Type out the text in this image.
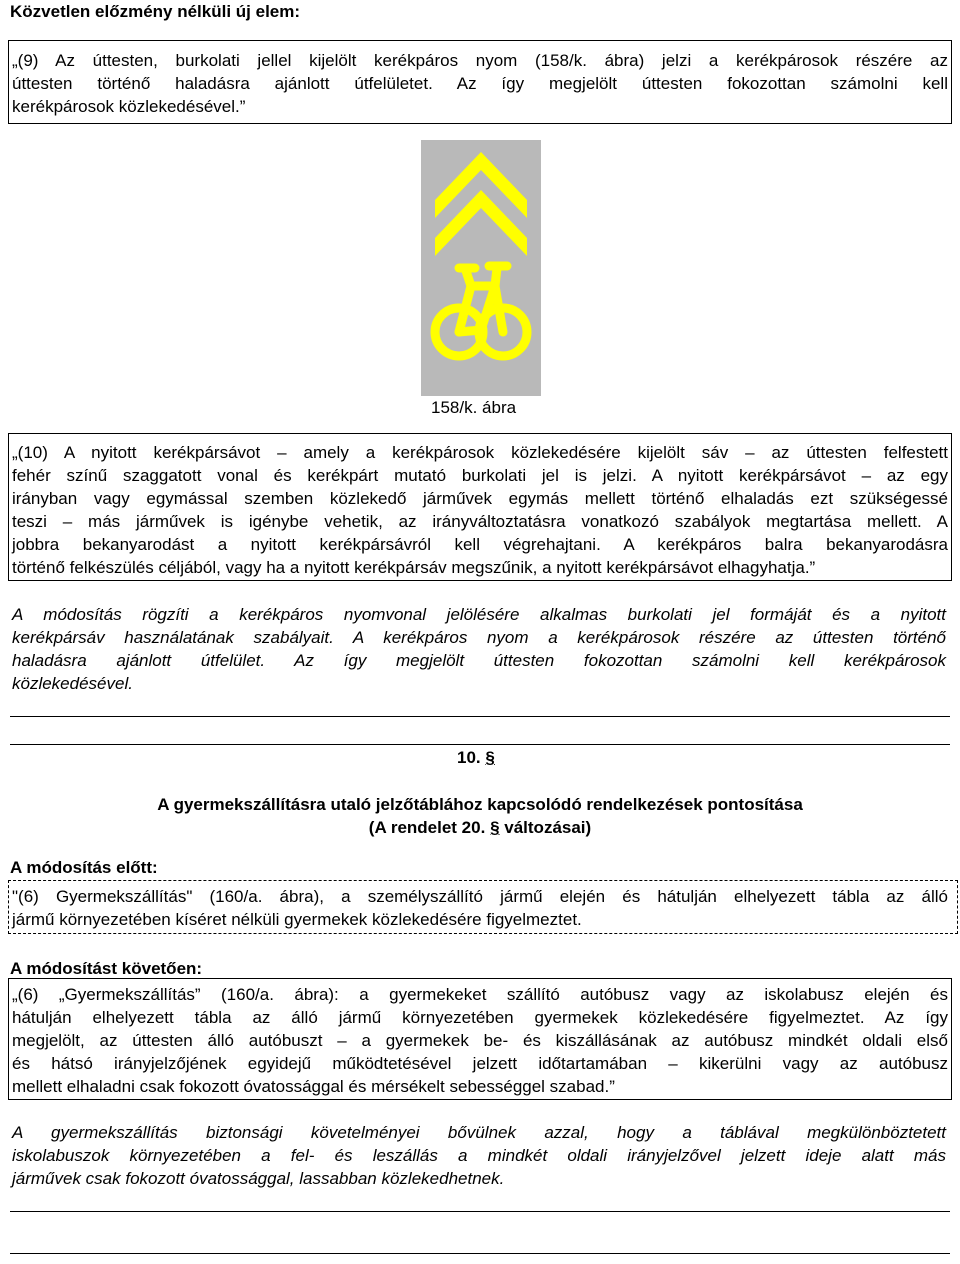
Közvetlen előzmény nélküli új elem:
„(9) Az úttesten, burkolati jellel kijelölt kerékpáros nyom (158/k. ábra) jelzi a kerékpárosok részére az
úttesten történő haladásra ajánlott útfelületet. Az így megjelölt úttesten fokozottan számolni kell
kerékpárosok közlekedésével.”
158/k. ábra
„(10) A nyitott kerékpársávot – amely a kerékpárosok közlekedésére kijelölt sáv – az úttesten felfestett
fehér színű szaggatott vonal és kerékpárt mutató burkolati jel is jelzi. A nyitott kerékpársávot – az egy
irányban vagy egymással szemben közlekedő járművek egymás mellett történő elhaladás ezt szükségessé
teszi – más járművek is igénybe vehetik, az irányváltoztatásra vonatkozó szabályok megtartása mellett. A
jobbra bekanyarodást a nyitott kerékpársávról kell végrehajtani. A kerékpáros balra bekanyarodásra
történő felkészülés céljából, vagy ha a nyitott kerékpársáv megszűnik, a nyitott kerékpársávot elhagyhatja.”
A módosítás rögzíti a kerékpáros nyomvonal jelölésére alkalmas burkolati jel formáját és a nyitott
kerékpársáv használatának szabályait. A kerékpáros nyom a kerékpárosok részére az úttesten történő
haladásra ajánlott útfelület. Az így megjelölt úttesten fokozottan számolni kell kerékpárosok
közlekedésével.
10. §
A gyermekszállításra utaló jelzőtáblához kapcsolódó rendelkezések pontosítása
(A rendelet 20. § változásai)
A módosítás előtt:
"(6) Gyermekszállítás" (160/a. ábra), a személyszállító jármű elején és hátulján elhelyezett tábla az álló
jármű környezetében kíséret nélküli gyermekek közlekedésére figyelmeztet.
A módosítást követően:
„(6) „Gyermekszállítás” (160/a. ábra): a gyermekeket szállító autóbusz vagy az iskolabusz elején és
hátulján elhelyezett tábla az álló jármű környezetében gyermekek közlekedésére figyelmeztet. Az így
megjelölt, az úttesten álló autóbuszt – a gyermekek be- és kiszállásának az autóbusz mindkét oldali első
és hátsó irányjelzőjének egyidejű működtetésével jelzett időtartamában – kikerülni vagy az autóbusz
mellett elhaladni csak fokozott óvatossággal és mérsékelt sebességgel szabad.”
A gyermekszállítás biztonsági követelményei bővülnek azzal, hogy a táblával megkülönböztetett
iskolabuszok környezetében a fel- és leszállás a mindkét oldali irányjelzővel jelzett ideje alatt más
járművek csak fokozott óvatossággal, lassabban közlekedhetnek.
